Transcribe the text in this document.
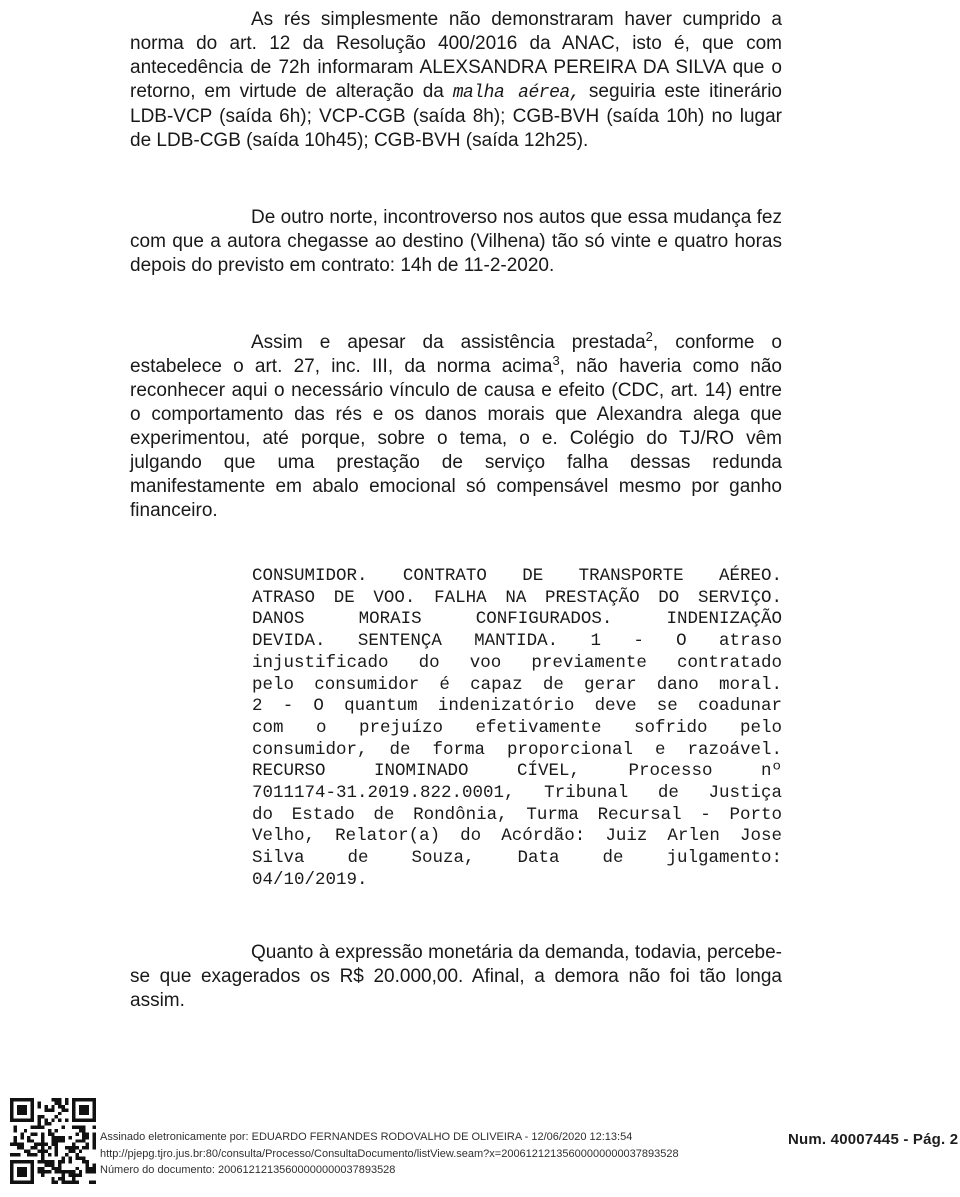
As rés simplesmente não demonstraram haver cumprido a norma do art. 12 da Resolução 400/2016 da ANAC, isto é, que com antecedência de 72h informaram ALEXSANDRA PEREIRA DA SILVA que o retorno, em virtude de alteração da malha aérea, seguiria este itinerário LDB-VCP (saída 6h); VCP-CGB (saída 8h); CGB-BVH (saída 10h) no lugar de LDB-CGB (saída 10h45); CGB-BVH (saída 12h25).

De outro norte, incontroverso nos autos que essa mudança fez com que a autora chegasse ao destino (Vilhena) tão só vinte e quatro horas depois do previsto em contrato: 14h de 11-2-2020.

Assim e apesar da assistência prestada$^2$, conforme o estabelece o art. 27, inc. III, da norma acima$^3$, não haveria como não reconhecer aqui o necessário vínculo de causa e efeito (CDC, art. 14) entre o comportamento das rés e os danos morais que Alexandra alega que experimentou, até porque, sobre o tema, o e. Colégio do TJ/RO vêm julgando que uma prestação de serviço falha dessas redunda manifestamente em abalo emocional só compensável mesmo por ganho financeiro.

CONSUMIDOR. CONTRATO DE TRANSPORTE AÉREO.
ATRASO DE VOO. FALHA NA PRESTAÇÃO DO SERVIÇO.
DANOS MORAIS CONFIGURADOS. INDENIZAÇÃO
DEVIDA. SENTENÇA MANTIDA. 1 - O atraso
injustificado do voo previamente contratado
pelo consumidor é capaz de gerar dano moral.
2 - O quantum indenizatório deve se coadunar
com o prejuízo efetivamente sofrido pelo
consumidor, de forma proporcional e razoável.
RECURSO INOMINADO CÍVEL, Processo nº
7011174-31.2019.822.0001, Tribunal de Justiça
do Estado de Rondônia, Turma Recursal - Porto
Velho, Relator(a) do Acórdão: Juiz Arlen Jose
Silva de Souza, Data de julgamento:
04/10/2019.

Quanto à expressão monetária da demanda, todavia, percebe-se que exagerados os R$ 20.000,00. Afinal, a demora não foi tão longa assim.

Assinado eletronicamente por: EDUARDO FERNANDES RODOVALHO DE OLIVEIRA - 12/06/2020 12:13:54
http://pjepg.tjro.jus.br:80/consulta/Processo/ConsultaDocumento/listView.seam?x=20061212135600000000037893528
Número do documento: 20061212135600000000037893528
Num. 40007445 - Pág. 2
